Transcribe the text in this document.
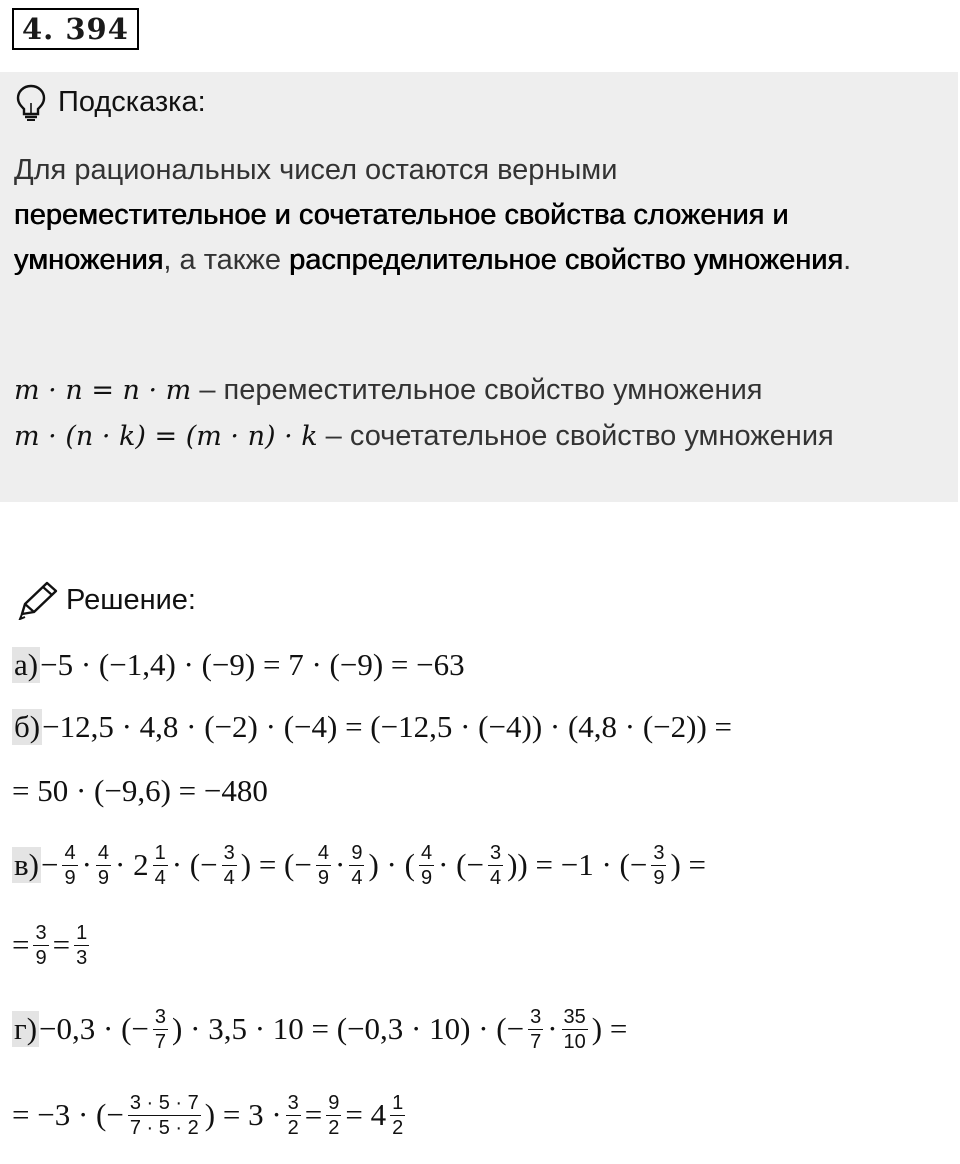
4. 394
Подсказка:
Для рациональных чисел остаются верными
переместительное и сочетательное свойства сложения и умножения, а также распределительное свойство умножения.
m · n = n · m – переместительное свойство умножения
m · (n · k) = (m · n) · k – сочетательное свойство умножения
Решение:
а) −5 · (−1,4) · (−9) = 7 · (−9) = −63
б) −12,5 · 4,8 · (−2) · (−4) = (−12,5 · (−4)) · (4,8 · (−2)) =
= 50 · (−9,6) = −480
$в) - \frac{4}{9} \cdot \frac{4}{9} \cdot 2 \frac{1}{4}$ · (− $\frac{3}{4}$ ) = (− $\frac{4}{9} \cdot \frac{9}{4}$ ) · ( $\frac{4}{9}$ · (− $\frac{3}{4}$ )) = −1 · (− $\frac{3}{9}$ ) =
= $\frac{3}{9} = \frac{1}{3}$
г) −0,3 · (− $\frac{3}{7}$ ) · 3,5 · 10 = (−0,3 · 10) · (− $\frac{3}{7} \cdot \frac{35}{10}$ ) =
= −3 · (− $\frac{3 \cdot 5 \cdot 7}{7 \cdot 5 \cdot 2}$ ) = $3 \cdot \frac{3}{2} = \frac{9}{2} = 4 \frac{1}{2}$
